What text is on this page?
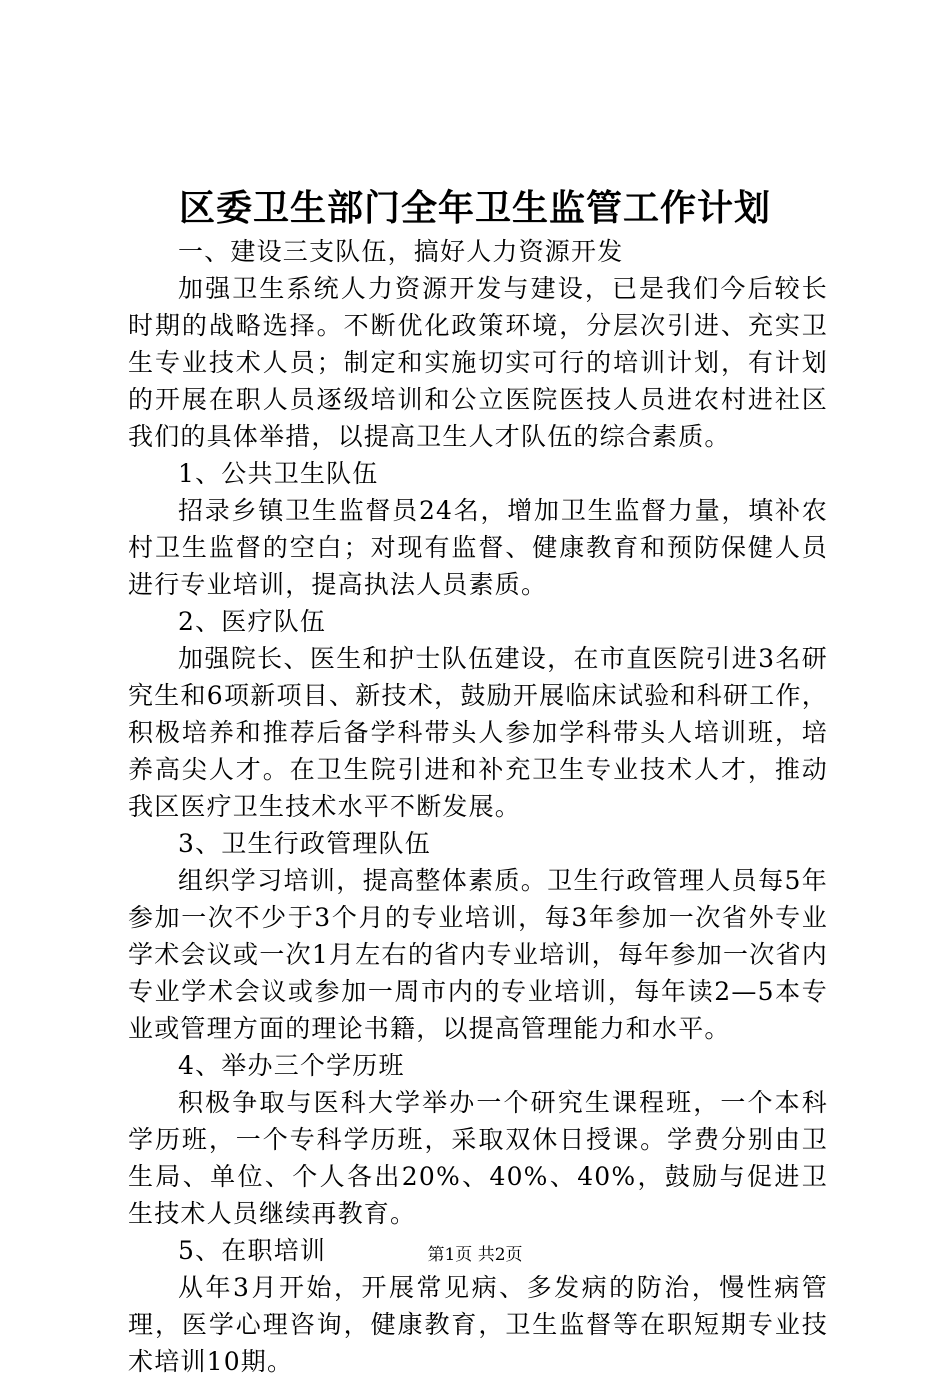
区委卫生部门全年卫生监管工作计划

一、建设三支队伍，搞好人力资源开发

加强卫生系统人力资源开发与建设，已是我们今后较长时期的战略选择。不断优化政策环境，分层次引进、充实卫生专业技术人员；制定和实施切实可行的培训计划，有计划的开展在职人员逐级培训和公立医院医技人员进农村进社区我们的具体举措，以提高卫生人才队伍的综合素质。

1、公共卫生队伍

招录乡镇卫生监督员24名，增加卫生监督力量，填补农村卫生监督的空白；对现有监督、健康教育和预防保健人员进行专业培训，提高执法人员素质。

2、医疗队伍

加强院长、医生和护士队伍建设，在市直医院引进3名研究生和6项新项目、新技术，鼓励开展临床试验和科研工作，积极培养和推荐后备学科带头人参加学科带头人培训班，培养高尖人才。在卫生院引进和补充卫生专业技术人才，推动我区医疗卫生技术水平不断发展。

3、卫生行政管理队伍

组织学习培训，提高整体素质。卫生行政管理人员每5年参加一次不少于3个月的专业培训，每3年参加一次省外专业学术会议或一次1月左右的省内专业培训，每年参加一次省内专业学术会议或参加一周市内的专业培训，每年读2—5本专业或管理方面的理论书籍，以提高管理能力和水平。

4、举办三个学历班

积极争取与医科大学举办一个研究生课程班，一个本科学历班，一个专科学历班，采取双休日授课。学费分别由卫生局、单位、个人各出20%、40%、40%，鼓励与促进卫生技术人员继续再教育。

5、在职培训

从年3月开始，开展常见病、多发病的防治，慢性病管理，医学心理咨询，健康教育，卫生监督等在职短期专业技术培训10期。

第1页 共2页
